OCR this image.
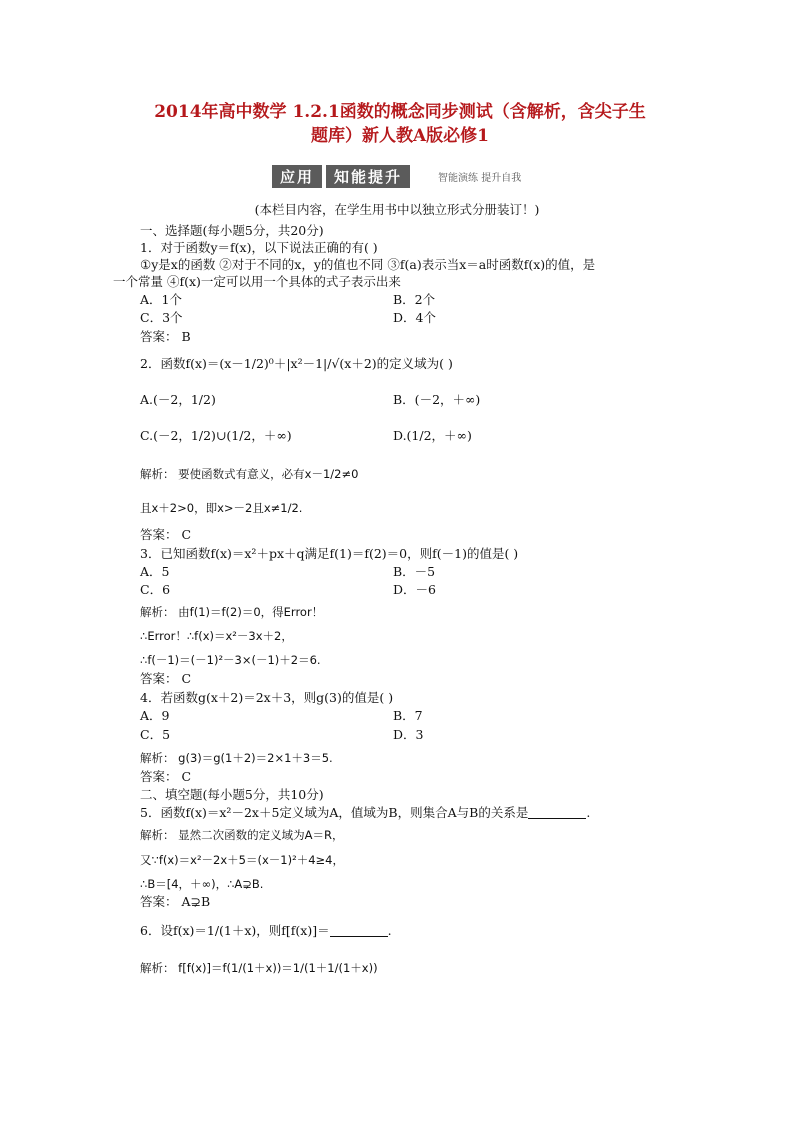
2014年高中数学 1.2.1函数的概念同步测试（含解析，含尖子生
题库）新人教A版必修1
应用	知能提升	智能演练 提升自我
(本栏目内容，在学生用书中以独立形式分册装订！)
一、选择题(每小题5分，共20分)
1．对于函数y＝f(x)，以下说法正确的有( )
①y是x的函数 ②对于不同的x，y的值也不同 ③f(a)表示当x＝a时函数f(x)的值，是
一个常量 ④f(x)一定可以用一个具体的式子表示出来
A．1个	B．2个
C．3个	D．4个
答案： B
2．函数f(x)＝(x－1/2)⁰＋|x²－1|/√(x＋2)的定义域为( )
A.(－2，1/2)	B．(－2，＋∞)
C.(－2，1/2)∪(1/2，＋∞)	D.(1/2，＋∞)
解析： 要使函数式有意义，必有x－1/2≠0
且x＋2>0，即x>－2且x≠1/2.
答案： C
3．已知函数f(x)＝x²＋px＋q满足f(1)＝f(2)＝0，则f(－1)的值是( )
A．5	B．－5
C．6	D．－6
解析： 由f(1)＝f(2)＝0，得Error！
∴Error！∴f(x)＝x²－3x＋2，
∴f(－1)＝(－1)²－3×(－1)＋2＝6.
答案： C
4．若函数g(x＋2)＝2x＋3，则g(3)的值是( )
A．9	B．7
C．5	D．3
解析： g(3)＝g(1＋2)＝2×1＋3＝5.
答案： C
二、填空题(每小题5分，共10分)
5．函数f(x)＝x²－2x＋5定义域为A，值域为B，则集合A与B的关系是	.
解析： 显然二次函数的定义域为A＝R，
又∵f(x)＝x²－2x＋5＝(x－1)²＋4≥4，
∴B＝[4，＋∞)，∴A⊋B.
答案： A⊋B
6．设f(x)＝1/(1＋x)，则f[f(x)]＝	.
解析： f[f(x)]＝f(1/(1＋x))＝1/(1＋1/(1＋x))
